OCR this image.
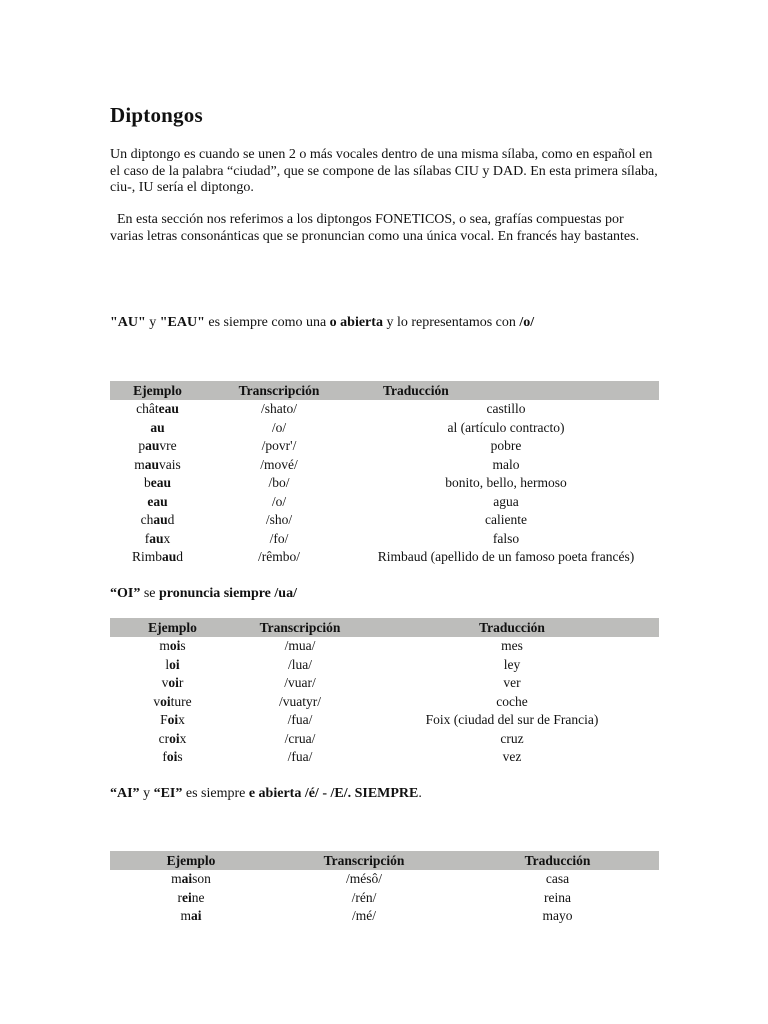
Diptongos

Un diptongo es cuando se unen 2 o más vocales dentro de una misma sílaba, como en español en el caso de la palabra “ciudad”, que se compone de las sílabas CIU y DAD. En esta primera sílaba, ciu-, IU sería el diptongo.

En esta sección nos referimos a los diptongos FONETICOS, o sea, grafías compuestas por varias letras consonánticas que se pronuncian como una única vocal. En francés hay bastantes.

"AU" y "EAU" es siempre como una o abierta y lo representamos con /o/

Ejemplo	Transcripción	Traducción
château	/shato/	castillo
au	/o/	al (artículo contracto)
pauvre	/povr'/	pobre
mauvais	/mové/	malo
beau	/bo/	bonito, bello, hermoso
eau	/o/	agua
chaud	/sho/	caliente
faux	/fo/	falso
Rimbaud	/rêmbo/	Rimbaud (apellido de un famoso poeta francés)

“OI” se pronuncia siempre /ua/

Ejemplo	Transcripción	Traducción
mois	/mua/	mes
loi	/lua/	ley
voir	/vuar/	ver
voiture	/vuatyr/	coche
Foix	/fua/	Foix (ciudad del sur de Francia)
croix	/crua/	cruz
fois	/fua/	vez

“AI” y “EI” es siempre e abierta /é/ - /E/. SIEMPRE.

Ejemplo	Transcripción	Traducción
maison	/mésô/	casa
reine	/rén/	reina
mai	/mé/	mayo
